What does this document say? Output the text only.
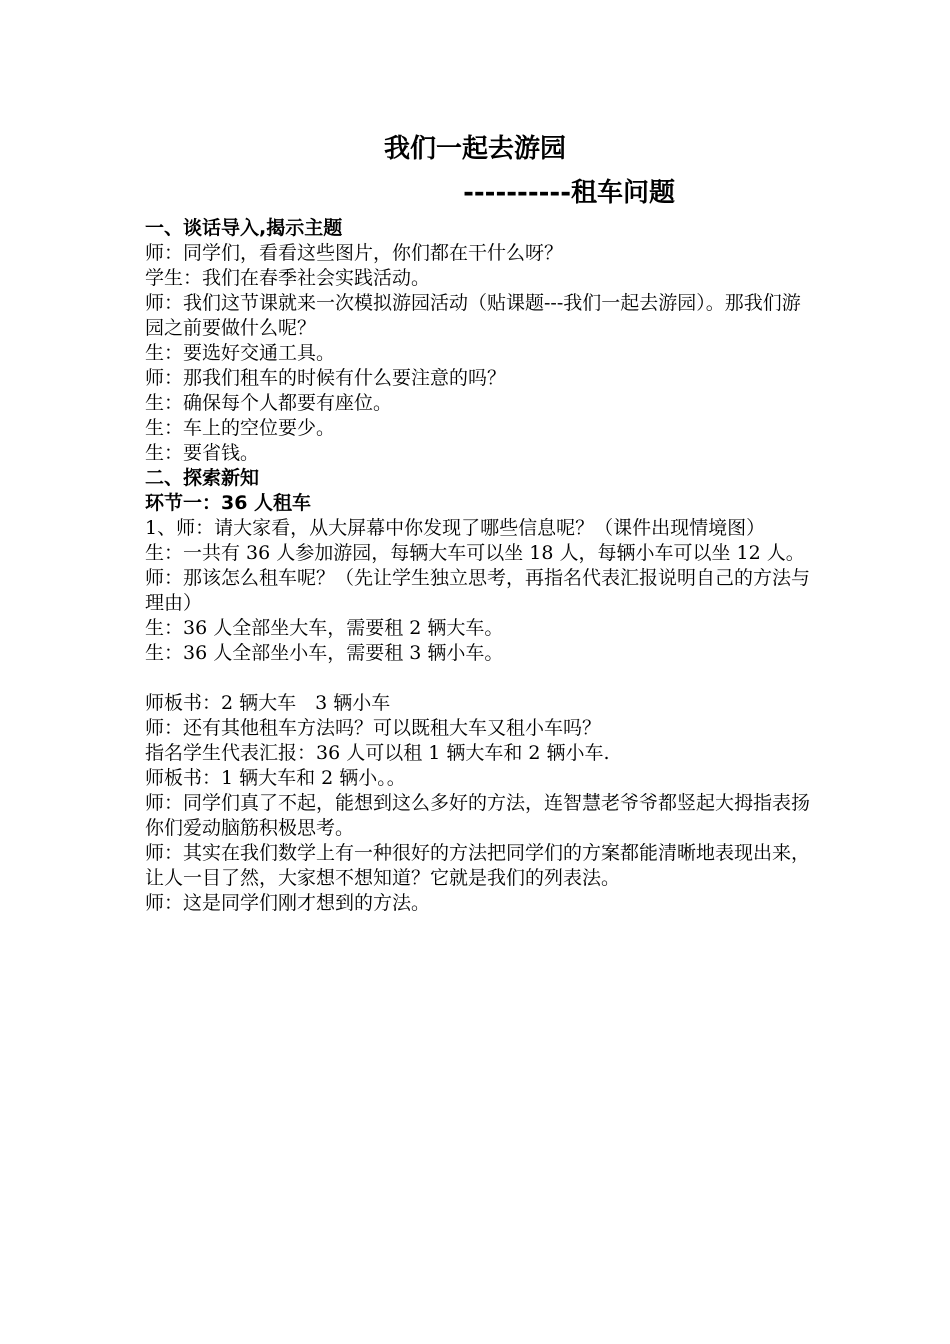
我们一起去游园
----------租车问题

一、谈话导入,揭示主题

师：同学们，看看这些图片，你们都在干什么呀？

学生：我们在春季社会实践活动。

师：我们这节课就来一次模拟游园活动（贴课题---我们一起去游园）。那我们游园之前要做什么呢？

生：要选好交通工具。

师：那我们租车的时候有什么要注意的吗？

生：确保每个人都要有座位。

生：车上的空位要少。

生：要省钱。

二、探索新知

环节一：36 人租车

1、师：请大家看，从大屏幕中你发现了哪些信息呢？（课件出现情境图）

生：一共有 36 人参加游园，每辆大车可以坐 18 人，每辆小车可以坐 12 人。

师：那该怎么租车呢？（先让学生独立思考，再指名代表汇报说明自己的方法与理由）

生：36 人全部坐大车，需要租 2 辆大车。

生：36 人全部坐小车，需要租 3 辆小车。

师板书：2 辆大车　3 辆小车

师：还有其他租车方法吗？可以既租大车又租小车吗？

指名学生代表汇报：36 人可以租 1 辆大车和 2 辆小车.

师板书：1 辆大车和 2 辆小。。

师：同学们真了不起，能想到这么多好的方法，连智慧老爷爷都竖起大拇指表扬你们爱动脑筋积极思考。

师：其实在我们数学上有一种很好的方法把同学们的方案都能清晰地表现出来，让人一目了然，大家想不想知道？它就是我们的列表法。

师：这是同学们刚才想到的方法。
